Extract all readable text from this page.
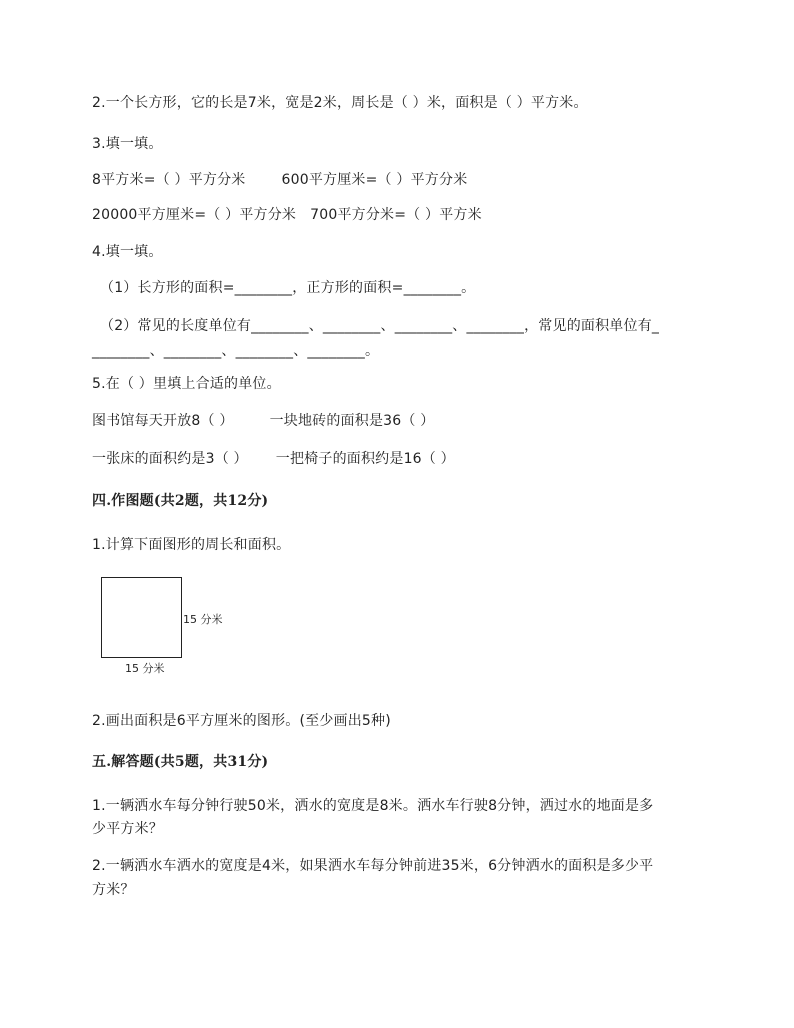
2.一个长方形，它的长是7米，宽是2米，周长是（ ）米，面积是（ ）平方米。
3.填一填。
8平方米=（ ）平方分米	600平方厘米=（ ）平方分米
20000平方厘米=（ ）平方分米 700平方分米=（ ）平方米
4.填一填。
（1）长方形的面积=________，正方形的面积=________。
（2）常见的长度单位有________、________、________、________，常见的面积单位有_
________、________、________、________。
5.在（ ）里填上合适的单位。
图书馆每天开放8（ ）	一块地砖的面积是36（ ）
一张床的面积约是3（ ） 一把椅子的面积约是16（ ）
四.作图题(共2题，共12分)
1.计算下面图形的周长和面积。
15 分米
15 分米
2.画出面积是6平方厘米的图形。(至少画出5种)
五.解答题(共5题，共31分)
1.一辆洒水车每分钟行驶50米，洒水的宽度是8米。洒水车行驶8分钟，洒过水的地面是多
少平方米？
2.一辆洒水车洒水的宽度是4米，如果洒水车每分钟前进35米，6分钟洒水的面积是多少平
方米？
